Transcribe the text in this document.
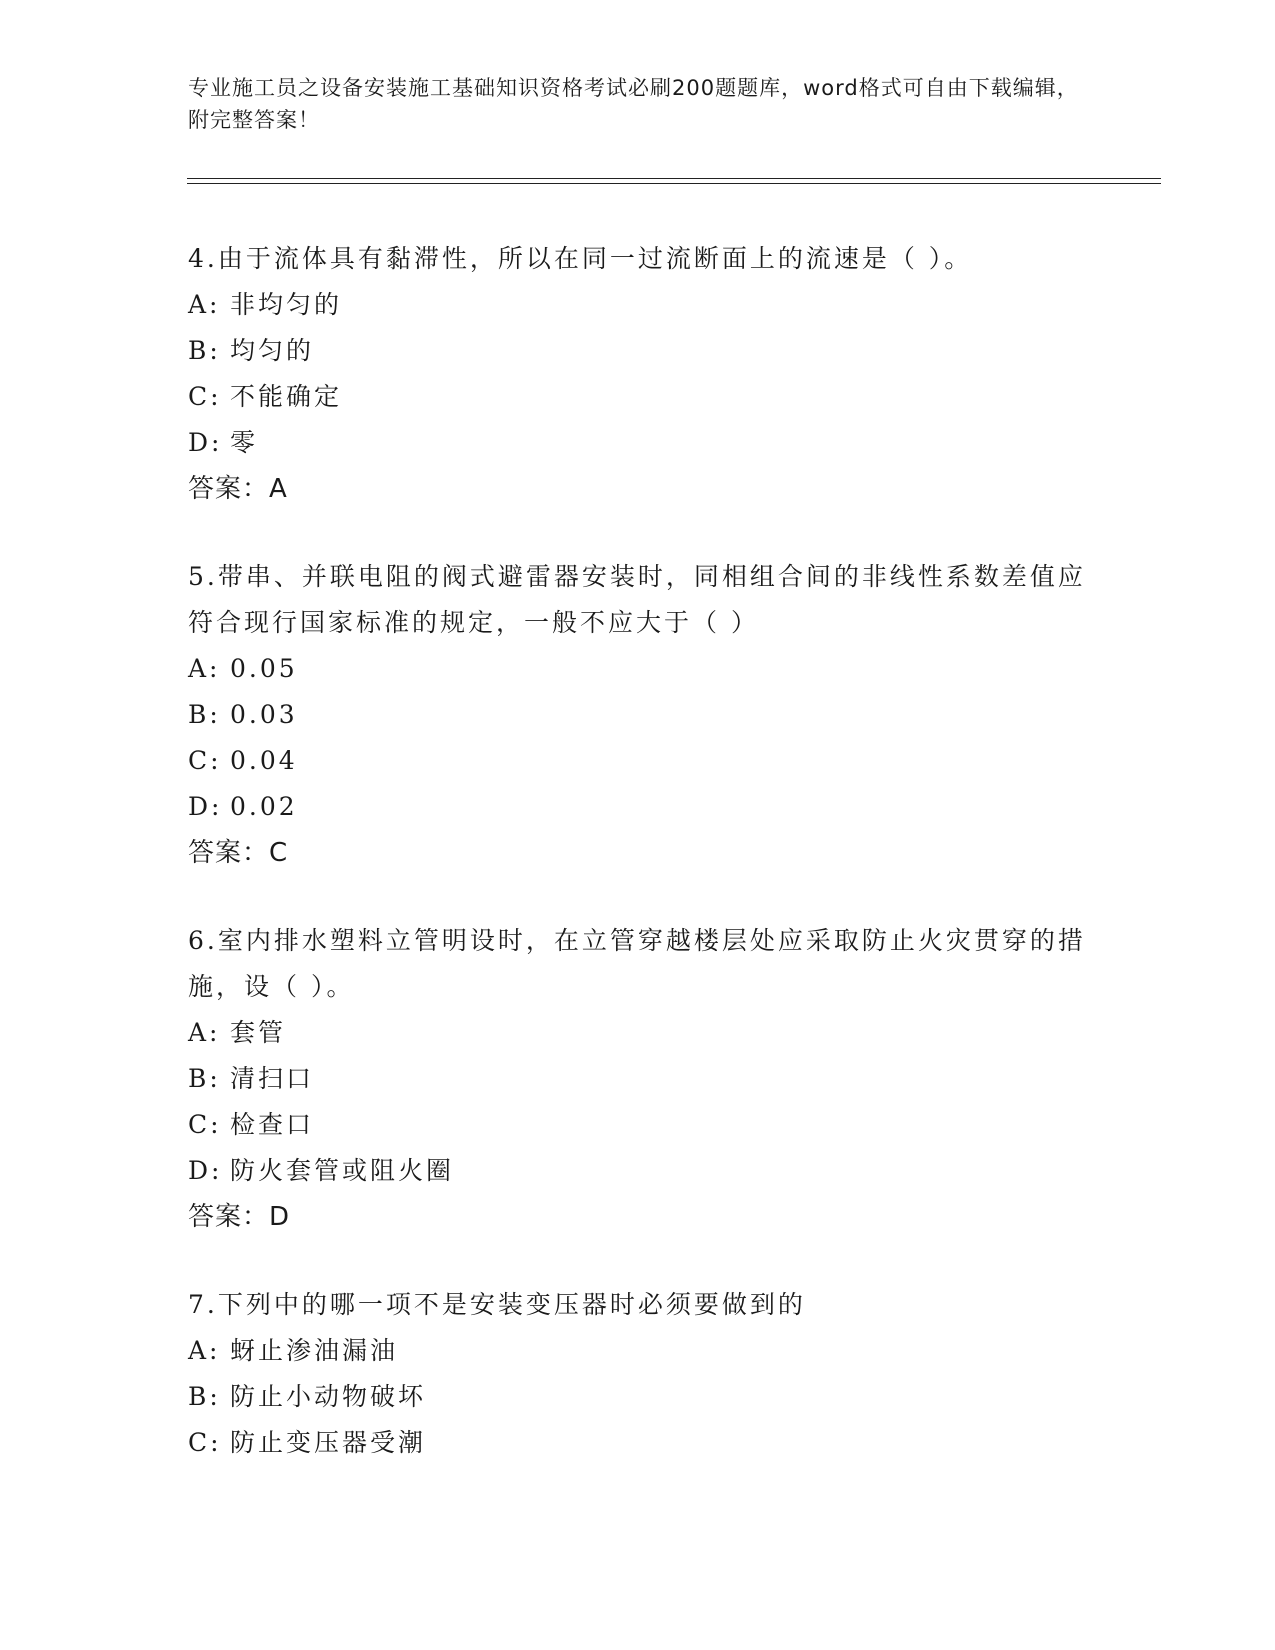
专业施工员之设备安装施工基础知识资格考试必刷200题题库，word格式可自由下载编辑，附完整答案！

4.由于流体具有黏滞性，所以在同一过流断面上的流速是（ ）。

A: 非均匀的

B: 均匀的

C: 不能确定

D: 零

答案：A

5.带串、并联电阻的阀式避雷器安装时，同相组合间的非线性系数差值应符合现行国家标准的规定，一般不应大于（ ）

A: 0.05

B: 0.03

C: 0.04

D: 0.02

答案：C

6.室内排水塑料立管明设时，在立管穿越楼层处应采取防止火灾贯穿的措施，设（ ）。

A: 套管

B: 清扫口

C: 检查口

D: 防火套管或阻火圈

答案：D

7.下列中的哪一项不是安装变压器时必须要做到的

A: 蚜止渗油漏油

B: 防止小动物破坏

C: 防止变压器受潮
